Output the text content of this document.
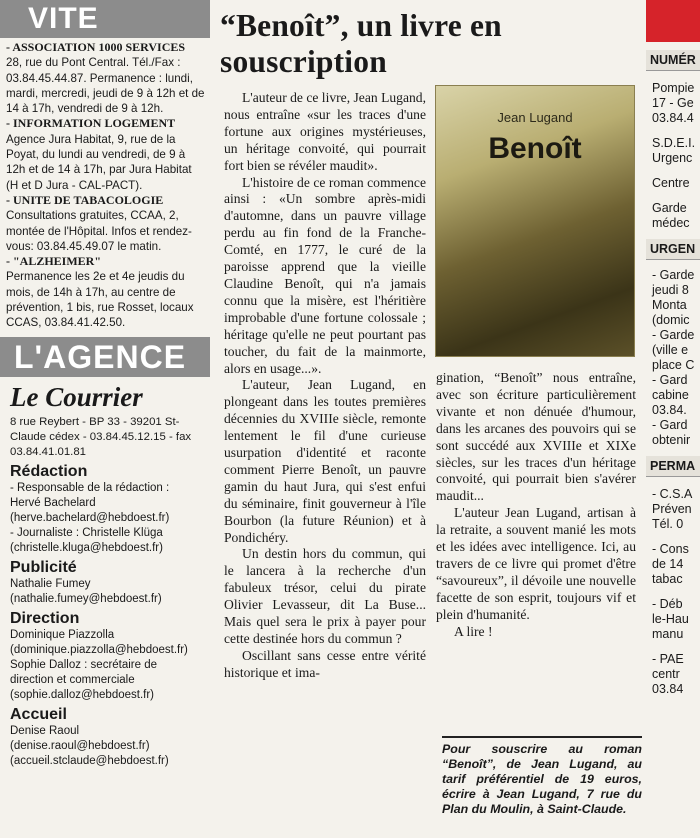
VITE

- ASSOCIATION 1000 SERVICES

28, rue du Pont Central. Tél./Fax : 03.84.45.44.87. Permanence : lundi, mardi, mercredi, jeudi de 9 à 12h et de 14 à 17h, vendredi de 9 à 12h.

- INFORMATION LOGEMENT

Agence Jura Habitat, 9, rue de la Poyat, du lundi au vendredi, de 9 à 12h et de 14 à 17h, par Jura Habitat (H et D Jura - CAL-PACT).

- UNITE DE TABACOLOGIE

Consultations gratuites, CCAA, 2, montée de l'Hôpital. Infos et rendez-vous: 03.84.45.49.07 le matin.

- "ALZHEIMER"

Permanence les 2e et 4e jeudis du mois, de 14h à 17h, au centre de prévention, 1 bis, rue Rosset, locaux CCAS, 03.84.41.42.50.

L'AGENCE
Le Courrier
8 rue Reybert - BP 33 - 39201 St-Claude cédex - 03.84.45.12.15 - fax 03.84.41.01.81
Rédaction
- Responsable de la rédaction :
Hervé Bachelard
(herve.bachelard@hebdoest.fr)
- Journaliste : Christelle Klüga
(christelle.kluga@hebdoest.fr)
Publicité
Nathalie Fumey
(nathalie.fumey@hebdoest.fr)
Direction
Dominique Piazzolla
(dominique.piazzolla@hebdoest.fr)
Sophie Dalloz : secrétaire de
direction et commerciale
(sophie.dalloz@hebdoest.fr)
Accueil
Denise Raoul
(denise.raoul@hebdoest.fr)
(accueil.stclaude@hebdoest.fr)
“Benoît”, un livre en souscription

L'auteur de ce livre, Jean Lugand, nous entraîne «sur les traces d'une fortune aux origines mystérieuses, un héritage convoité, qui pourrait fort bien se révéler maudit».

L'histoire de ce roman commence ainsi : «Un sombre après-midi d'automne, dans un pauvre village perdu au fin fond de la Franche-Comté, en 1777, le curé de la paroisse apprend que la vieille Claudine Benoît, qui n'a jamais connu que la misère, est l'héritière improbable d'une fortune colossale ; héritage qu'elle ne peut pourtant pas toucher, du fait de la mainmorte, alors en usage...».

L'auteur, Jean Lugand, en plongeant dans les toutes premières décennies du XVIIIe siècle, remonte lentement le fil d'une curieuse usurpation d'identité et raconte comment Pierre Benoît, un pauvre gamin du haut Jura, qui s'est enfui du séminaire, finit gouverneur à l'île Bourbon (la future Réunion) et à Pondichéry.

Un destin hors du commun, qui le lancera à la recherche d'un fabuleux trésor, celui du pirate Olivier Levasseur, dit La Buse... Mais quel sera le prix à payer pour cette destinée hors du commun ?

Oscillant sans cesse entre vérité historique et ima-

Jean Lugand
Benoît

gination, “Benoît” nous entraîne, avec son écriture particulièrement vivante et non dénuée d'humour, dans les arcanes des pouvoirs qui se sont succédé aux XVIIIe et XIXe siècles, sur les traces d'un héritage convoité, qui pourrait bien s'avérer maudit...

L'auteur Jean Lugand, artisan à la retraite, a souvent manié les mots et les idées avec intelligence. Ici, au travers de ce livre qui promet d'être “savoureux”, il dévoile une nouvelle facette de son esprit, toujours vif et plein d'humanité.

A lire !

Pour souscrire au roman “Benoît”, de Jean Lugand, au tarif préférentiel de 19 euros, écrire à Jean Lugand, 7 rue du Plan du Moulin, à Saint-Claude.
NUMÉR
Pompie
17 - Ge
03.84.4
S.D.E.I.
Urgenc
Centre
Garde
médec
URGEN
- Garde
jeudi 8
Monta
(domic
- Garde
(ville e
place C
- Gard
cabine
03.84.
- Gard
obtenir
PERMA
- C.S.A
Préven
Tél. 0
- Cons
de 14
tabac
- Déb
le-Hau
manu
- PAE
centr
03.84
